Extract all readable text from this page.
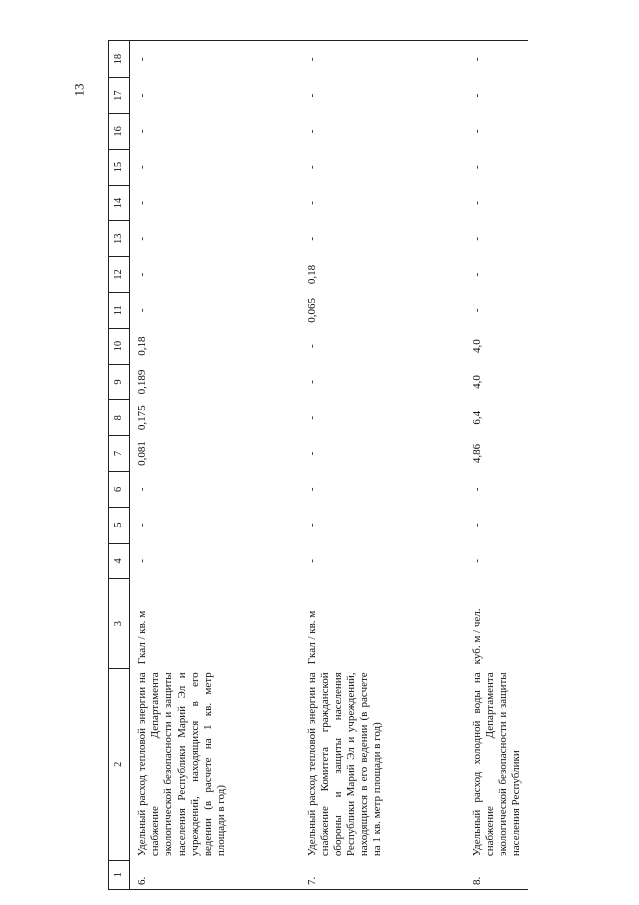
13
1	2	3	4	5	6	7	8	9	10	11	12	13	14	15	16	17	18
6.	Удельный расход тепловой энергии на снабжение Департамента экологической безопасности и защиты населения Республики Марий Эл и учреждений, находящихся в его ведении (в расчете на 1 кв. метр площади в год)	Гкал / кв. м	-	-	-	0,081	0,175	0,189	0,18	-	-	-	-	-	-	-	-
7.	Удельный расход тепловой энергии на снабжение Комитета гражданской обороны и защиты населения Республики Марий Эл и учреждений, находящихся в его ведении (в расчете на 1 кв. метр площади в год)	Гкал / кв. м	-	-	-	-	-	-	-	0,065	0,18	-	-	-	-	-	-
8.	Удельный расход холодной воды на снабжение Департамента экологической безопасности и защиты населения Республики	куб. м / чел.	-	-	-	4,86	6,4	4,0	4,0	-	-	-	-	-	-	-	-
